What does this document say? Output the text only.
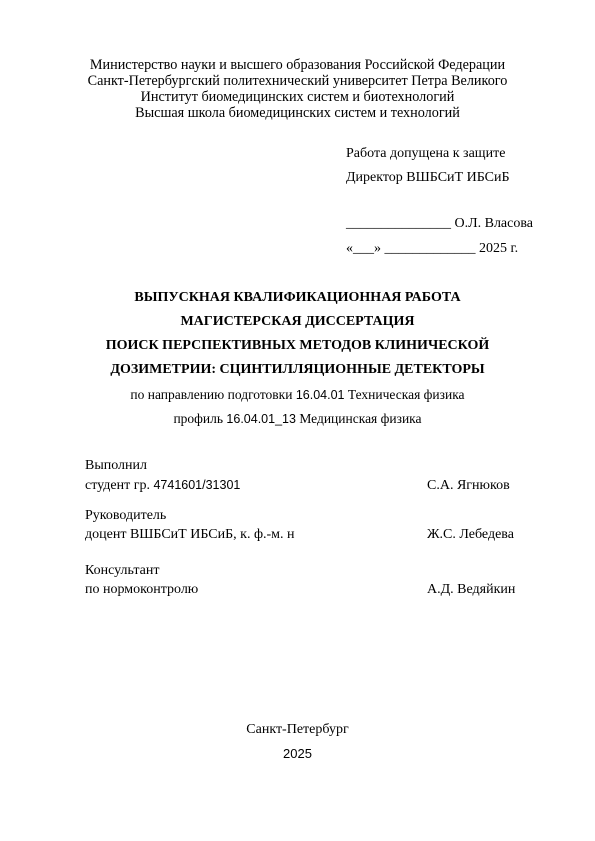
Министерство науки и высшего образования Российской Федерации
Санкт-Петербургский политехнический университет Петра Великого
Институт биомедицинских систем и биотехнологий
Высшая школа биомедицинских систем и технологий
Работа допущена к защите
Директор ВШБСиТ ИБСиБ
_______________ О.Л. Власова
«___» _____________ 2025 г.
ВЫПУСКНАЯ КВАЛИФИКАЦИОННАЯ РАБОТА
МАГИСТЕРСКАЯ ДИССЕРТАЦИЯ
ПОИСК ПЕРСПЕКТИВНЫХ МЕТОДОВ КЛИНИЧЕСКОЙ
ДОЗИМЕТРИИ: СЦИНТИЛЛЯЦИОННЫЕ ДЕТЕКТОРЫ
по направлению подготовки 16.04.01 Техническая физика
профиль 16.04.01_13 Медицинская физика
Выполнил
студент гр. 4741601/31301	С.А. Ягнюков
Руководитель
доцент ВШБСиТ ИБСиБ, к. ф.-м. н	Ж.С. Лебедева
Консультант
по нормоконтролю	А.Д. Ведяйкин
Санкт-Петербург
2025
